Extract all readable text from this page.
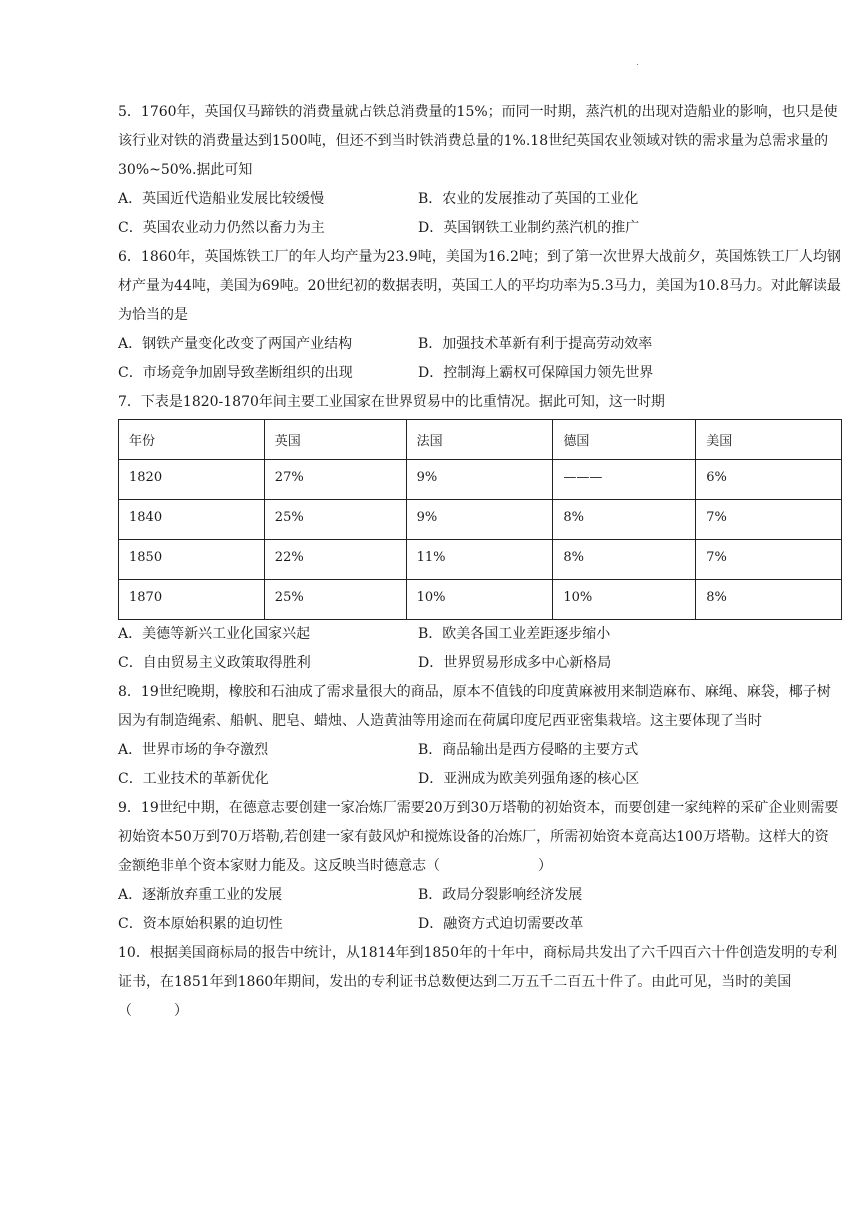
.

5．1760年，英国仅马蹄铁的消费量就占铁总消费量的15%；而同一时期，蒸汽机的出现对造船业的影响，也只是使该行业对铁的消费量达到1500吨，但还不到当时铁消费总量的1%.18世纪英国农业领域对铁的需求量为总需求量的30%~50%.据此可知

A．英国近代造船业发展比较缓慢	B．农业的发展推动了英国的工业化
C．英国农业动力仍然以畜力为主	D．英国钢铁工业制约蒸汽机的推广

6．1860年，英国炼铁工厂的年人均产量为23.9吨，美国为16.2吨；到了第一次世界大战前夕，英国炼铁工厂人均钢材产量为44吨，美国为69吨。20世纪初的数据表明，英国工人的平均功率为5.3马力，美国为10.8马力。对此解读最为恰当的是

A．钢铁产量变化改变了两国产业结构	B．加强技术革新有利于提高劳动效率
C．市场竞争加剧导致垄断组织的出现	D．控制海上霸权可保障国力领先世界

7．下表是1820-1870年间主要工业国家在世界贸易中的比重情况。据此可知，这一时期

年份	英国	法国	德国	美国
1820	27%	9%	———	6%
1840	25%	9%	8%	7%
1850	22%	11%	8%	7%
1870	25%	10%	10%	8%
A．美德等新兴工业化国家兴起	B．欧美各国工业差距逐步缩小
C．自由贸易主义政策取得胜利	D．世界贸易形成多中心新格局

8．19世纪晚期，橡胶和石油成了需求量很大的商品，原本不值钱的印度黄麻被用来制造麻布、麻绳、麻袋，椰子树因为有制造绳索、船帆、肥皂、蜡烛、人造黄油等用途而在荷属印度尼西亚密集栽培。这主要体现了当时

A．世界市场的争夺激烈	B．商品输出是西方侵略的主要方式
C．工业技术的革新优化	D．亚洲成为欧美列强角逐的核心区

9．19世纪中期，在德意志要创建一家冶炼厂需要20万到30万塔勒的初始资本，而要创建一家纯粹的采矿企业则需要初始资本50万到70万塔勒,若创建一家有鼓风炉和搅炼设备的冶炼厂，所需初始资本竟高达100万塔勒。这样大的资金额绝非单个资本家财力能及。这反映当时德意志（　　　　　　　）

A．逐渐放弃重工业的发展	B．政局分裂影响经济发展
C．资本原始积累的迫切性	D．融资方式迫切需要改革

10．根据美国商标局的报告中统计，从1814年到1850年的十年中，商标局共发出了六千四百六十件创造发明的专利证书，在1851年到1860年期间，发出的专利证书总数便达到二万五千二百五十件了。由此可见，当时的美国（　　　）
